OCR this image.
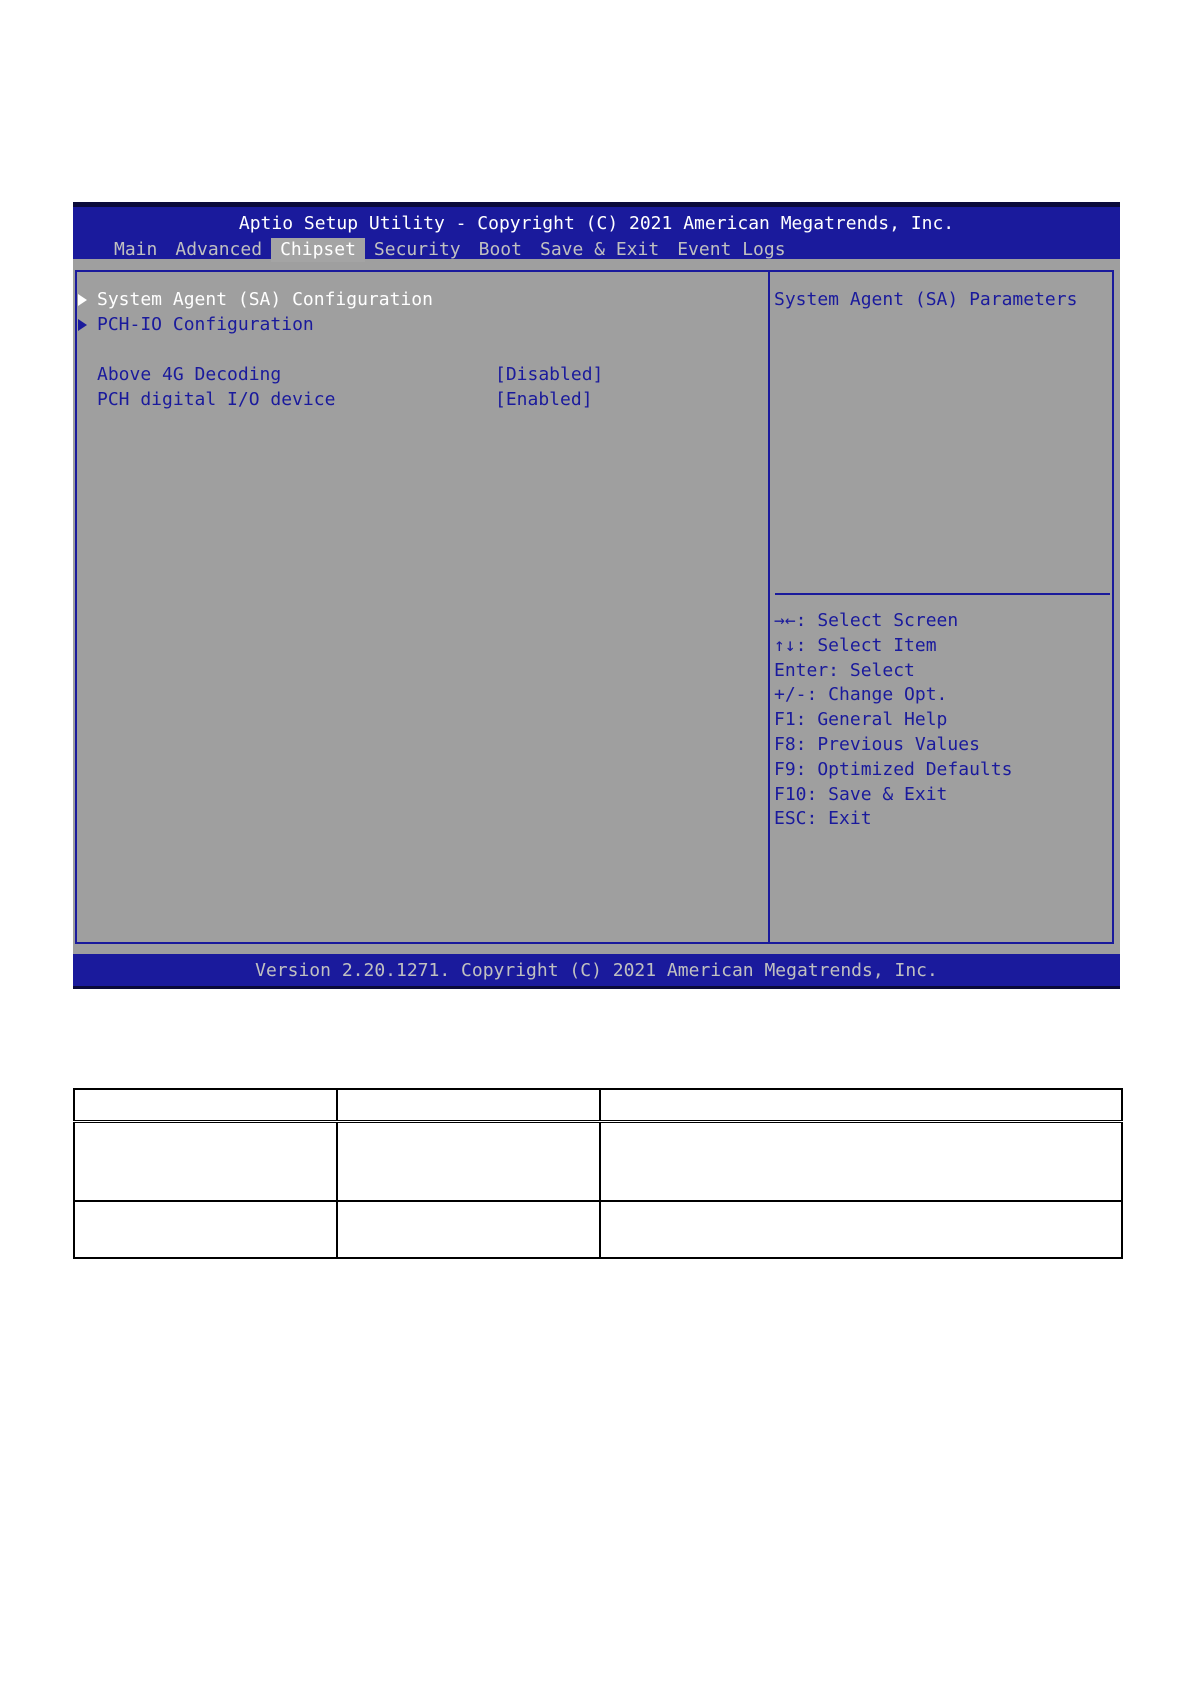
Aptio Setup Utility - Copyright (C) 2021 American Megatrends, Inc.
Main	Advanced	Chipset	Security	Boot	Save & Exit	Event Logs
System Agent (SA) Configuration
PCH-IO Configuration
Above 4G Decoding	[Disabled]
PCH digital I/O device	[Enabled]
System Agent (SA) Parameters
→←: Select Screen
↑↓: Select Item
Enter: Select
+/-: Change Opt.
F1: General Help
F8: Previous Values
F9: Optimized Defaults
F10: Save & Exit
ESC: Exit
Version 2.20.1271. Copyright (C) 2021 American Megatrends, Inc.
